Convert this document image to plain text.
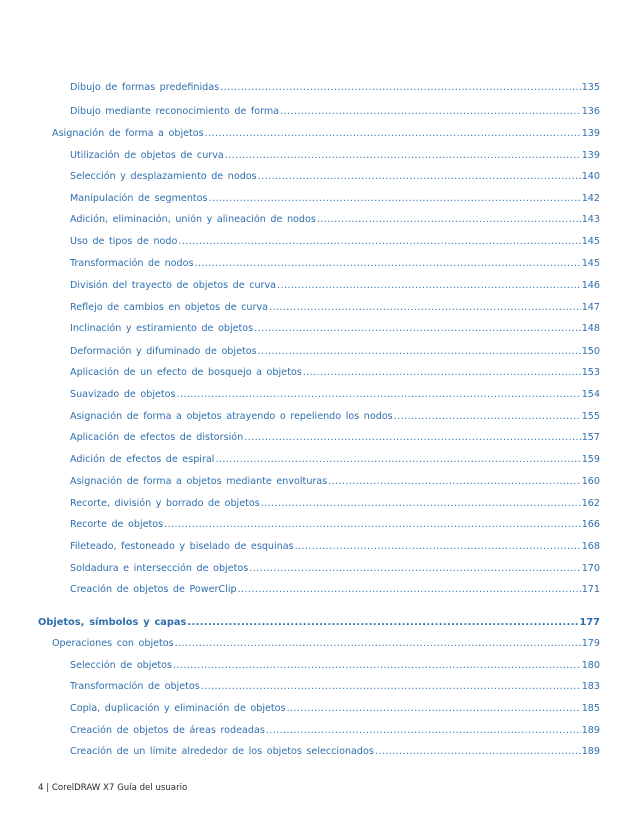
Dibujo de formas predefinidas .....	135
Dibujo mediante reconocimiento de forma .....	136
Asignación de forma a objetos .....	139
Utilización de objetos de curva .....	139
Selección y desplazamiento de nodos .....	140
Manipulación de segmentos .....	142
Adición, eliminación, unión y alineación de nodos .....	143
Uso de tipos de nodo .....	145
Transformación de nodos .....	145
División del trayecto de objetos de curva .....	146
Reflejo de cambios en objetos de curva .....	147
Inclinación y estiramiento de objetos .....	148
Deformación y difuminado de objetos .....	150
Aplicación de un efecto de bosquejo a objetos .....	153
Suavizado de objetos .....	154
Asignación de forma a objetos atrayendo o repeliendo los nodos .....	155
Aplicación de efectos de distorsión .....	157
Adición de efectos de espiral .....	159
Asignación de forma a objetos mediante envolturas .....	160
Recorte, división y borrado de objetos .....	162
Recorte de objetos .....	166
Fileteado, festoneado y biselado de esquinas .....	168
Soldadura e intersección de objetos .....	170
Creación de objetos de PowerClip .....	171
Objetos, símbolos y capas .....	177
Operaciones con objetos .....	179
Selección de objetos .....	180
Transformación de objetos .....	183
Copia, duplicación y eliminación de objetos .....	185
Creación de objetos de áreas rodeadas .....	189
Creación de un límite alrededor de los objetos seleccionados .....	189
4 | CorelDRAW X7 Guía del usuario
